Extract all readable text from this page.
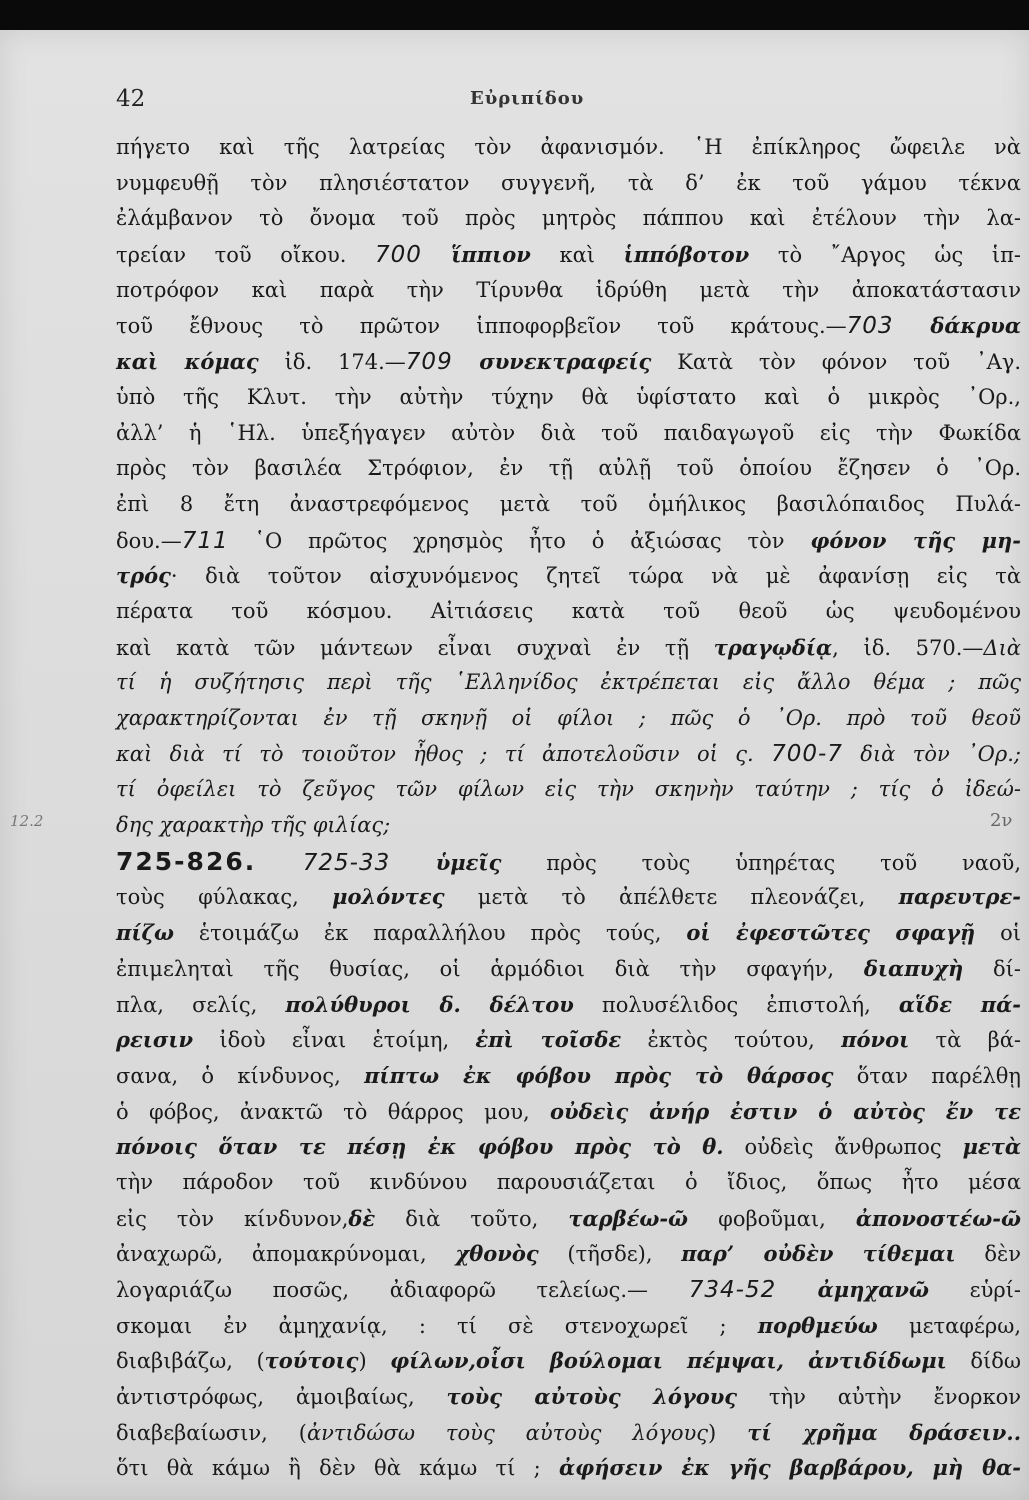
42	Εὐριπίδου
12.2	2ν
πήγετο καὶ τῆς λατρείας τὸν ἀφανισμόν. ῾Η ἐπίκληρος ὤφειλε νὰ
νυμφευθῇ τὸν πλησιέστατον συγγενῆ, τὰ δ’ ἐκ τοῦ γάμου τέκνα
ἐλάμβανον τὸ ὄνομα τοῦ πρὸς μητρὸς πάππου καὶ ἐτέλουν τὴν λα-
τρείαν τοῦ οἴκου. 700 ἵππιον καὶ ἱππόβοτον τὸ ῎Αργος ὡς ἱπ-
ποτρόφον καὶ παρὰ τὴν Τίρυνθα ἱδρύθη μετὰ τὴν ἀποκατάστασιν
τοῦ ἔθνους τὸ πρῶτον ἱπποφορβεῖον τοῦ κράτους.—703 δάκρυα
καὶ κόμας ἰδ. 174.—709 συνεκτραφείς Κατὰ τὸν φόνον τοῦ ᾿Αγ.
ὑπὸ τῆς Κλυτ. τὴν αὐτὴν τύχην θὰ ὑφίστατο καὶ ὁ μικρὸς ᾿Ορ.,
ἀλλ’ ἡ ῾Ηλ. ὑπεξήγαγεν αὐτὸν διὰ τοῦ παιδαγωγοῦ εἰς τὴν Φωκίδα
πρὸς τὸν βασιλέα Στρόφιον, ἐν τῇ αὐλῇ τοῦ ὁποίου ἔζησεν ὁ ᾿Ορ.
ἐπὶ 8 ἔτη ἀναστρεφόμενος μετὰ τοῦ ὁμήλικος βασιλόπαιδος Πυλά-
δου.—711 ῾Ο πρῶτος χρησμὸς ἦτο ὁ ἀξιώσας τὸν φόνον τῆς μη-
τρός· διὰ τοῦτον αἰσχυνόμενος ζητεῖ τώρα νὰ μὲ ἀφανίσῃ εἰς τὰ
πέρατα τοῦ κόσμου. Αἰτιάσεις κατὰ τοῦ θεοῦ ὡς ψευδομένου
καὶ κατὰ τῶν μάντεων εἶναι συχναὶ ἐν τῇ τραγῳδίᾳ, ἰδ. 570.—Διὰ
τί ἡ συζήτησις περὶ τῆς ῾Ελληνίδος ἐκτρέπεται εἰς ἄλλο θέμα ; πῶς
χαρακτηρίζονται ἐν τῇ σκηνῇ οἱ φίλοι ; πῶς ὁ ᾿Ορ. πρὸ τοῦ θεοῦ
καὶ διὰ τί τὸ τοιοῦτον ἦθος ; τί ἀποτελοῦσιν οἱ ς. 700-7 διὰ τὸν ᾿Ορ.;
τί ὀφείλει τὸ ζεῦγος τῶν φίλων εἰς τὴν σκηνὴν ταύτην ; τίς ὁ ἰδεώ-
δης χαρακτὴρ τῆς φιλίας;
725-826. 725-33 ὑμεῖς πρὸς τοὺς ὑπηρέτας τοῦ ναοῦ,
τοὺς φύλακας, μολόντες μετὰ τὸ ἀπέλθετε πλεονάζει, παρευτρε-
πίζω ἑτοιμάζω ἐκ παραλλήλου πρὸς τούς, οἱ ἐφεστῶτες σφαγῇ οἱ
ἐπιμεληταὶ τῆς θυσίας, οἱ ἁρμόδιοι διὰ τὴν σφαγήν, διαπυχὴ δί-
πλα, σελίς, πολύθυροι δ. δέλτου πολυσέλιδος ἐπιστολή, αἵδε πά-
ρεισιν ἰδοὺ εἶναι ἑτοίμη, ἐπὶ τοῖσδε ἐκτὸς τούτου, πόνοι τὰ βά-
σανα, ὁ κίνδυνος, πίπτω ἐκ φόβου πρὸς τὸ θάρσος ὅταν παρέλθῃ
ὁ φόβος, ἀνακτῶ τὸ θάρρος μου, οὐδεὶς ἀνήρ ἐστιν ὁ αὐτὸς ἔν τε
πόνοις ὅταν τε πέσῃ ἐκ φόβου πρὸς τὸ θ. οὐδεὶς ἄνθρωπος μετὰ
τὴν πάροδον τοῦ κινδύνου παρουσιάζεται ὁ ἴδιος, ὅπως ἦτο μέσα
εἰς τὸν κίνδυνον,δὲ διὰ τοῦτο, ταρβέω-ῶ φοβοῦμαι, ἀπονοστέω-ῶ
ἀναχωρῶ, ἀπομακρύνομαι, χθονὸς (τῆσδε), παρ’ οὐδὲν τίθεμαι δὲν
λογαριάζω ποσῶς, ἀδιαφορῶ τελείως.— 734-52 ἀμηχανῶ εὑρί-
σκομαι ἐν ἀμηχανίᾳ, : τί σὲ στενοχωρεῖ ; πορθμεύω μεταφέρω,
διαβιβάζω, (τούτοις) φίλων,οἷσι βούλομαι πέμψαι, ἀντιδίδωμι δίδω
ἀντιστρόφως, ἀμοιβαίως, τοὺς αὐτοὺς λόγους τὴν αὐτὴν ἔνορκον
διαβεβαίωσιν, (ἀντιδώσω τοὺς αὐτοὺς λόγους) τί χρῆμα δράσειν..
ὅτι θὰ κάμω ἢ δὲν θὰ κάμω τί ; ἀφήσειν ἐκ γῆς βαρβάρου, μὴ θα-
